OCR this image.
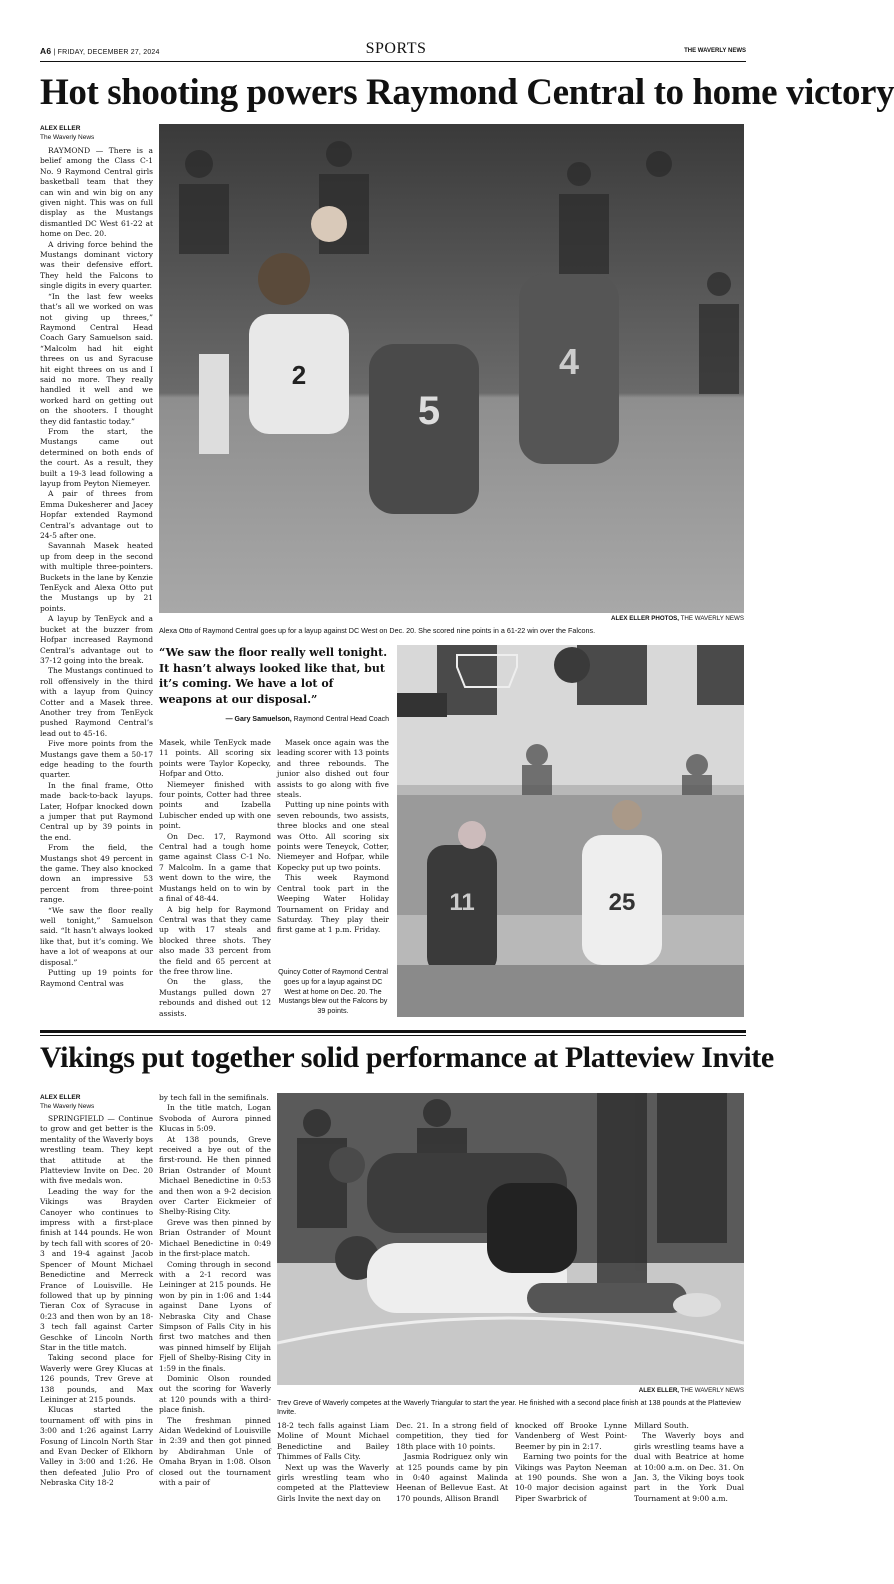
A6 | FRIDAY, DECEMBER 27, 2024	SPORTS	THE WAVERLY NEWS
Hot shooting powers Raymond Central to home victory
ALEX ELLER
The Waverly News

RAYMOND — There is a belief among the Class C-1 No. 9 Raymond Central girls basketball team that they can win and win big on any given night. This was on full display as the Mustangs dismantled DC West 61-22 at home on Dec. 20.

A driving force behind the Mustangs dominant victory was their defensive effort. They held the Falcons to single digits in every quarter.

“In the last few weeks that’s all we worked on was not giving up threes,” Raymond Central Head Coach Gary Samuelson said. “Malcolm had hit eight threes on us and Syracuse hit eight threes on us and I said no more. They really handled it well and we worked hard on getting out on the shooters. I thought they did fantastic today.”

From the start, the Mustangs came out determined on both ends of the court. As a result, they built a 19-3 lead following a layup from Peyton Niemeyer.

A pair of threes from Emma Dukesherer and Jacey Hopfar extended Raymond Central’s advantage out to 24-5 after one.

Savannah Masek heated up from deep in the second with multiple three-pointers. Buckets in the lane by Kenzie TenEyck and Alexa Otto put the Mustangs up by 21 points.

A layup by TenEyck and a bucket at the buzzer from Hofpar increased Raymond Central’s advantage out to 37-12 going into the break.

The Mustangs continued to roll offensively in the third with a layup from Quincy Cotter and a Masek three. Another trey from TenEyck pushed Raymond Central’s lead out to 45-16.

Five more points from the Mustangs gave them a 50-17 edge heading to the fourth quarter.

In the final frame, Otto made back-to-back layups. Later, Hofpar knocked down a jumper that put Raymond Central up by 39 points in the end.

From the field, the Mustangs shot 49 percent in the game. They also knocked down an impressive 53 percent from three-point range.

“We saw the floor really well tonight,” Samuelson said. “It hasn’t always looked like that, but it’s coming. We have a lot of weapons at our disposal.”

Putting up 19 points for Raymond Central was

2
5
4
ALEX ELLER PHOTOS, THE WAVERLY NEWS
Alexa Otto of Raymond Central goes up for a layup against DC West on Dec. 20. She scored nine points in a 61-22 win over the Falcons.
“We saw the floor really well tonight. It hasn’t always looked like that, but it’s coming. We have a lot of weapons at our disposal.”
— Gary Samuelson, Raymond Central Head Coach

Masek, while TenEyck made 11 points. All scoring six points were Taylor Kopecky, Hofpar and Otto.

Niemeyer finished with four points, Cotter had three points and Izabella Lubischer ended up with one point.

On Dec. 17, Raymond Central had a tough home game against Class C-1 No. 7 Malcolm. In a game that went down to the wire, the Mustangs held on to win by a final of 48-44.

A big help for Raymond Central was that they came up with 17 steals and blocked three shots. They also made 33 percent from the field and 65 percent at the free throw line.

On the glass, the Mustangs pulled down 27 rebounds and dished out 12 assists.

Masek once again was the leading scorer with 13 points and three rebounds. The junior also dished out four assists to go along with five steals.

Putting up nine points with seven rebounds, two assists, three blocks and one steal was Otto. All scoring six points were Teneyck, Cotter, Niemeyer and Hofpar, while Kopecky put up two points.

This week Raymond Central took part in the Weeping Water Holiday Tournament on Friday and Saturday. They play their first game at 1 p.m. Friday.

Quincy Cotter of Raymond Central goes up for a layup against DC West at home on Dec. 20. The Mustangs blew out the Falcons by 39 points.
11	25
Vikings put together solid performance at Platteview Invite
ALEX ELLER
The Waverly News

SPRINGFIELD — Continue to grow and get better is the mentality of the Waverly boys wrestling team. They kept that attitude at the Platteview Invite on Dec. 20 with five medals won.

Leading the way for the Vikings was Brayden Canoyer who continues to impress with a first-place finish at 144 pounds. He won by tech fall with scores of 20-3 and 19-4 against Jacob Spencer of Mount Michael Benedictine and Merreck France of Louisville. He followed that up by pinning Tieran Cox of Syracuse in 0:23 and then won by an 18-3 tech fall against Carter Geschke of Lincoln North Star in the title match.

Taking second place for Waverly were Grey Klucas at 126 pounds, Trev Greve at 138 pounds, and Max Leininger at 215 pounds.

Klucas started the tournament off with pins in 3:00 and 1:26 against Larry Fosung of Lincoln North Star and Evan Decker of Elkhorn Valley in 3:00 and 1:26. He then defeated Julio Pro of Nebraska City 18-2

by tech fall in the semifinals.

In the title match, Logan Svoboda of Aurora pinned Klucas in 5:09.

At 138 pounds, Greve received a bye out of the first-round. He then pinned Brian Ostrander of Mount Michael Benedictine in 0:53 and then won a 9-2 decision over Carter Eickmeier of Shelby-Rising City.

Greve was then pinned by Brian Ostrander of Mount Michael Benedictine in 0:49 in the first-place match.

Coming through in second with a 2-1 record was Leininger at 215 pounds. He won by pin in 1:06 and 1:44 against Dane Lyons of Nebraska City and Chase Simpson of Falls City in his first two matches and then was pinned himself by Elijah Fjell of Shelby-Rising City in 1:59 in the finals.

Dominic Olson rounded out the scoring for Waverly at 120 pounds with a third-place finish.

The freshman pinned Aidan Wedekind of Louisville in 2:39 and then got pinned by Abdirahman Unle of Omaha Bryan in 1:08. Olson closed out the tournament with a pair of

ALEX ELLER, THE WAVERLY NEWS
Trev Greve of Waverly competes at the Waverly Triangular to start the year. He finished with a second place finish at 138 pounds at the Platteview Invite.

18-2 tech falls against Liam Moline of Mount Michael Benedictine and Bailey Thimmes of Falls City.

Next up was the Waverly girls wrestling team who competed at the Platteview Girls Invite the next day on

Dec. 21. In a strong field of competition, they tied for 18th place with 10 points.

Jasmia Rodriguez only win at 125 pounds came by pin in 0:40 against Malinda Heenan of Bellevue East. At 170 pounds, Allison Brandl

knocked off Brooke Lynne Vandenberg of West Point-Beemer by pin in 2:17.

Earning two points for the Vikings was Payton Neeman at 190 pounds. She won a 10-0 major decision against Piper Swarbrick of

Millard South.

The Waverly boys and girls wrestling teams have a dual with Beatrice at home at 10:00 a.m. on Dec. 31. On Jan. 3, the Viking boys took part in the York Dual Tournament at 9:00 a.m.
